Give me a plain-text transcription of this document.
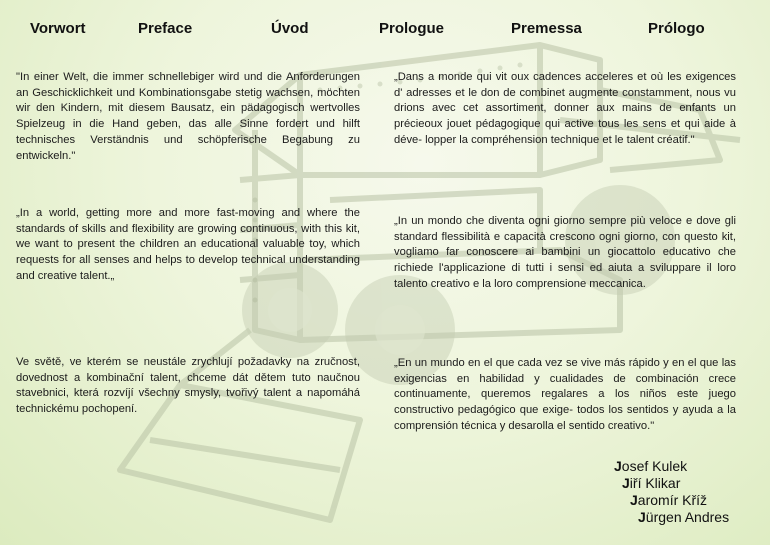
Vorwort	Preface	Úvod	Prologue	Premessa	Prólogo
"In einer Welt, die immer schnellebiger wird und die Anforderungen an Geschicklichkeit und Kombinationsgabe stetig wachsen, möchten wir den Kindern, mit diesem Bausatz, ein pädagogisch wertvolles Spielzeug in die Hand geben, das alle Sinne fordert und hilft technisches Verständnis und schöpferische Begabung zu entwickeln."
„Dans a monde qui vit oux cadences acceleres et où les exigences d' adresses et le don de combinet augmente constamment, nous vu drions avec cet assortiment, donner aux mains de enfants un précieoux jouet pédagogique qui active tous les sens et qui aide à déve- lopper la compréhension technique et le talent créatif."
„In a world, getting more and more fast-moving and where the standards of skills and flexibility are growing continuous, with this kit, we want to present the children an educational valuable toy, which requests for all senses and helps to develop technical understanding and creative talent.„
„In un mondo che diventa ogni giorno sempre più veloce e dove gli standard flessibilità e capacità crescono ogni giorno, con questo kit, vogliamo far conoscere ai bambini un giocattolo educativo che richiede l'applicazione di tutti i sensi ed aiuta a sviluppare il loro talento creativo e la loro comprensione meccanica.
Ve světě, ve kterém se neustále zrychlují požadavky na zručnost, dovednost a kombinační talent, chceme dát dětem tuto naučnou stavebnici, která rozvíjí všechny smysly, tvořivý talent a napomáhá technickému pochopení.
„En un mundo en el que cada vez se vive más rápido y en el que las exigencias en habilidad y cualidades de combinación crece continuamente, queremos regalares a los niños este juego constructivo pedagógico que exige- todos los sentidos y ayuda a la comprensión técnica y desarolla el sentido creativo."
Josef Kulek
Jiří Klikar
Jaromír Kříž
Jürgen Andres
